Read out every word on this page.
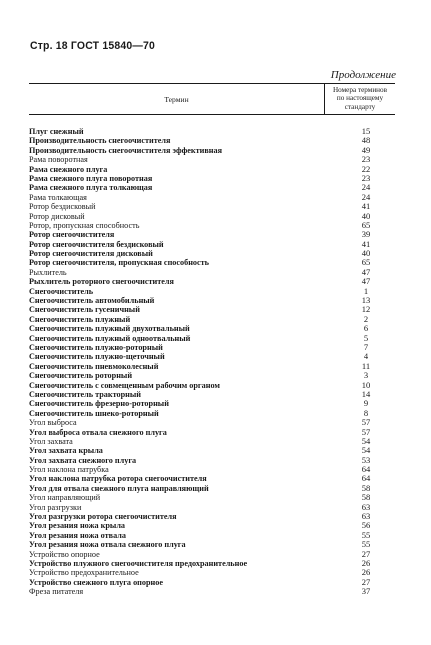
Стр. 18 ГОСТ 15840—70
Продолжение
Термин
Номера терминов
по настоящему
стандарту
Плуг снежный	15
Производительность снегоочистителя	48
Производительность снегоочистителя эффективная	49
Рама поворотная	23
Рама снежного плуга	22
Рама снежного плуга поворотная	23
Рама снежного плуга толкающая	24
Рама толкающая	24
Ротор бездисковый	41
Ротор дисковый	40
Ротор, пропускная способность	65
Ротор снегоочистителя	39
Ротор снегоочистителя бездисковый	41
Ротор снегоочистителя дисковый	40
Ротор снегоочистителя, пропускная способность	65
Рыхлитель	47
Рыхлитель роторного снегоочистителя	47
Снегоочиститель	1
Снегоочиститель автомобильный	13
Снегоочиститель гусеничный	12
Снегоочиститель плужный	2
Снегоочиститель плужный двухотвальный	6
Снегоочиститель плужный одноотвальный	5
Снегоочиститель плужно-роторный	7
Снегоочиститель плужно-щеточный	4
Снегоочиститель пневмоколесный	11
Снегоочиститель роторный	3
Снегоочиститель с совмещенным рабочим органом	10
Снегоочиститель тракторный	14
Снегоочиститель фрезерно-роторный	9
Снегоочиститель шнеко-роторный	8
Угол выброса	57
Угол выброса отвала снежного плуга	57
Угол захвата	54
Угол захвата крыла	54
Угол захвата снежного плуга	53
Угол наклона патрубка	64
Угол наклона патрубка ротора снегоочистителя	64
Угол для отвала снежного плуга направляющий	58
Угол направляющий	58
Угол разгрузки	63
Угол разгрузки ротора снегоочистителя	63
Угол резания ножа крыла	56
Угол резания ножа отвала	55
Угол резания ножа отвала снежного плуга	55
Устройство опорное	27
Устройство плужного снегоочистителя предохранительное	26
Устройство предохранительное	26
Устройство снежного плуга опорное	27
Фреза питателя	37
